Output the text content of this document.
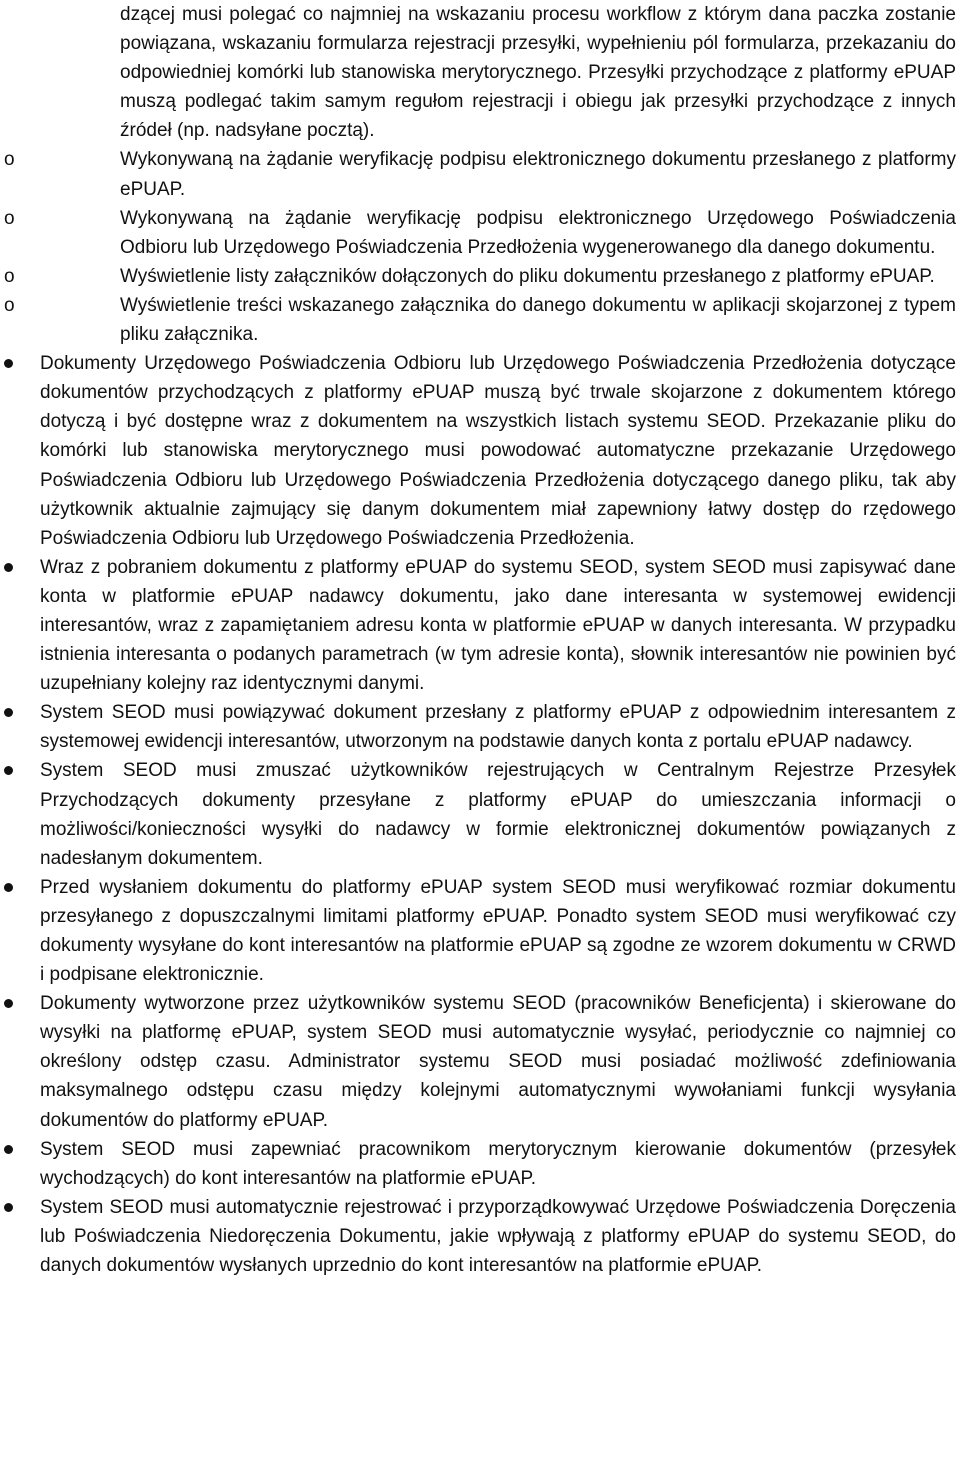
dzącej musi polegać co najmniej na wskazaniu procesu workflow z którym dana paczka zostanie powiązana, wskazaniu formularza rejestracji przesyłki, wypełnieniu pól formularza, przekazaniu do odpowiedniej komórki lub stanowiska merytorycznego. Przesyłki przychodzące z platformy ePUAP muszą podlegać takim samym regułom rejestracji i obiegu jak przesyłki przychodzące z innych źródeł (np. nadsyłane pocztą).
o	Wykonywaną na żądanie weryfikację podpisu elektronicznego dokumentu przesłanego z platformy ePUAP.
o	Wykonywaną na żądanie weryfikację podpisu elektronicznego Urzędowego Poświadczenia Odbioru lub Urzędowego Poświadczenia Przedłożenia wygenerowanego dla danego dokumentu.
o	Wyświetlenie listy załączników dołączonych do pliku dokumentu przesłanego z platformy ePUAP.
o	Wyświetlenie treści wskazanego załącznika do danego dokumentu w aplikacji skojarzonej z typem pliku załącznika.
Dokumenty Urzędowego Poświadczenia Odbioru lub Urzędowego Poświadczenia Przedłożenia dotyczące dokumentów przychodzących z platformy ePUAP muszą być trwale skojarzone z dokumentem którego dotyczą i być dostępne wraz z dokumentem na wszystkich listach systemu SEOD. Przekazanie pliku do komórki lub stanowiska merytorycznego musi powodować automatyczne przekazanie Urzędowego Poświadczenia Odbioru lub Urzędowego Poświadczenia Przedłożenia dotyczącego danego pliku, tak aby użytkownik aktualnie zajmujący się danym dokumentem miał zapewniony łatwy dostęp do rzędowego Poświadczenia Odbioru lub Urzędowego Poświadczenia Przedłożenia.
Wraz z pobraniem dokumentu z platformy ePUAP do systemu SEOD, system SEOD musi zapisywać dane konta w platformie ePUAP nadawcy dokumentu, jako dane interesanta w systemowej ewidencji interesantów, wraz z zapamiętaniem adresu konta w platformie ePUAP w danych interesanta. W przypadku istnienia interesanta o podanych parametrach (w tym adresie konta), słownik interesantów nie powinien być uzupełniany kolejny raz identycznymi danymi.
System SEOD musi powiązywać dokument przesłany z platformy ePUAP z odpowiednim interesantem z systemowej ewidencji interesantów, utworzonym na podstawie danych konta z portalu ePUAP nadawcy.
System SEOD musi zmuszać użytkowników rejestrujących w Centralnym Rejestrze Przesyłek Przychodzących dokumenty przesyłane z platformy ePUAP do umieszczania informacji o możliwości/konieczności wysyłki do nadawcy w formie elektronicznej dokumentów powiązanych z nadesłanym dokumentem.
Przed wysłaniem dokumentu do platformy ePUAP system SEOD musi weryfikować rozmiar dokumentu przesyłanego z dopuszczalnymi limitami platformy ePUAP. Ponadto system SEOD musi weryfikować czy dokumenty wysyłane do kont interesantów na platformie ePUAP są zgodne ze wzorem dokumentu w CRWD i podpisane elektronicznie.
Dokumenty wytworzone przez użytkowników systemu SEOD (pracowników Beneficjenta) i skierowane do wysyłki na platformę ePUAP, system SEOD musi automatycznie wysyłać, periodycznie co najmniej co określony odstęp czasu. Administrator systemu SEOD musi posiadać możliwość zdefiniowania maksymalnego odstępu czasu między kolejnymi automatycznymi wywołaniami funkcji wysyłania dokumentów do platformy ePUAP.
System SEOD musi zapewniać pracownikom merytorycznym kierowanie dokumentów (przesyłek wychodzących) do kont interesantów na platformie ePUAP.
System SEOD musi automatycznie rejestrować i przyporządkowywać Urzędowe Poświadczenia Doręczenia lub Poświadczenia Niedoręczenia Dokumentu, jakie wpływają z platformy ePUAP do systemu SEOD, do danych dokumentów wysłanych uprzednio do kont interesantów na platformie ePUAP.
